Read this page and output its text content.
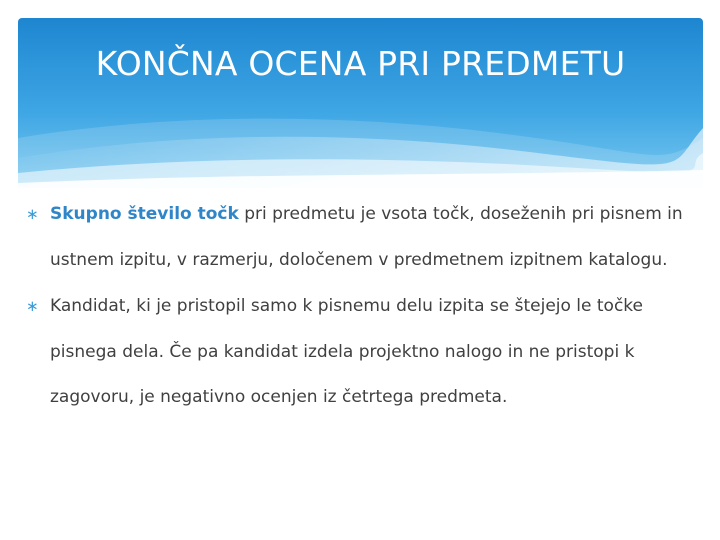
KONČNA OCENA PRI PREDMETU
∗ Skupno število točk pri predmetu je vsota točk, doseženih pri pisnem in ustnem izpitu, v razmerju, določenem v predmetnem izpitnem katalogu.
∗ Kandidat, ki je pristopil samo k pisnemu delu izpita se štejejo le točke pisnega dela. Če pa kandidat izdela projektno nalogo in ne pristopi k zagovoru, je negativno ocenjen iz četrtega predmeta.
